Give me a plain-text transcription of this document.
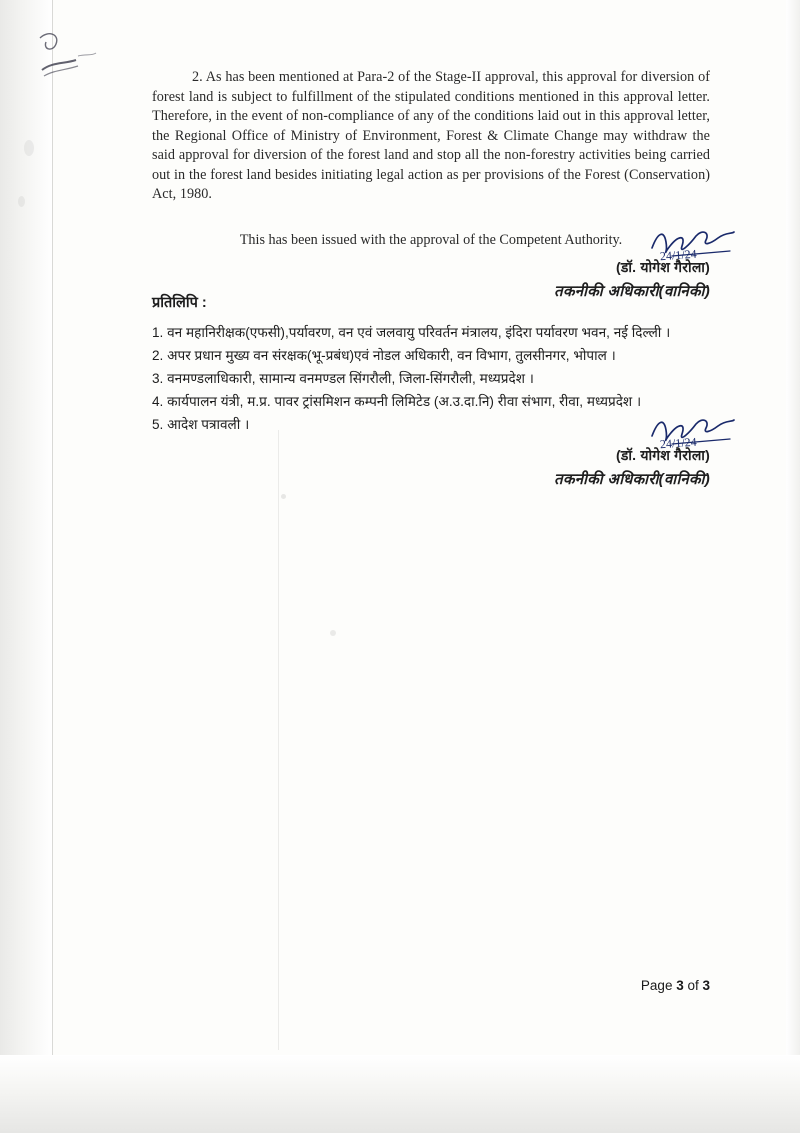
2. As has been mentioned at Para-2 of the Stage-II approval, this approval for diversion of forest land is subject to fulfillment of the stipulated conditions mentioned in this approval letter. Therefore, in the event of non-compliance of any of the conditions laid out in this approval letter, the Regional Office of Ministry of Environment, Forest & Climate Change may withdraw the said approval for diversion of the forest land and stop all the non-forestry activities being carried out in the forest land besides initiating legal action as per provisions of the Forest (Conservation) Act, 1980.

This has been issued with the approval of the Competent Authority.

24/1/24
(डॉ. योगेश गैरोला)
तकनीकी अधिकारी(वानिकी)
प्रतिलिपि :
1. वन महानिरीक्षक(एफसी),पर्यावरण, वन एवं जलवायु परिवर्तन मंत्रालय, इंदिरा पर्यावरण भवन, नई दिल्ली ।
2. अपर प्रधान मुख्य वन संरक्षक(भू-प्रबंध)एवं नोडल अधिकारी, वन विभाग, तुलसीनगर, भोपाल ।
3. वनमण्डलाधिकारी, सामान्य वनमण्डल सिंगरौली, जिला-सिंगरौली, मध्यप्रदेश ।
4. कार्यपालन यंत्री, म.प्र. पावर ट्रांसमिशन कम्पनी लिमिटेड (अ.उ.दा.नि) रीवा संभाग, रीवा, मध्यप्रदेश ।
5. आदेश पत्रावली ।
24/1/24
(डॉ. योगेश गैरोला)
तकनीकी अधिकारी(वानिकी)
Page 3 of 3
